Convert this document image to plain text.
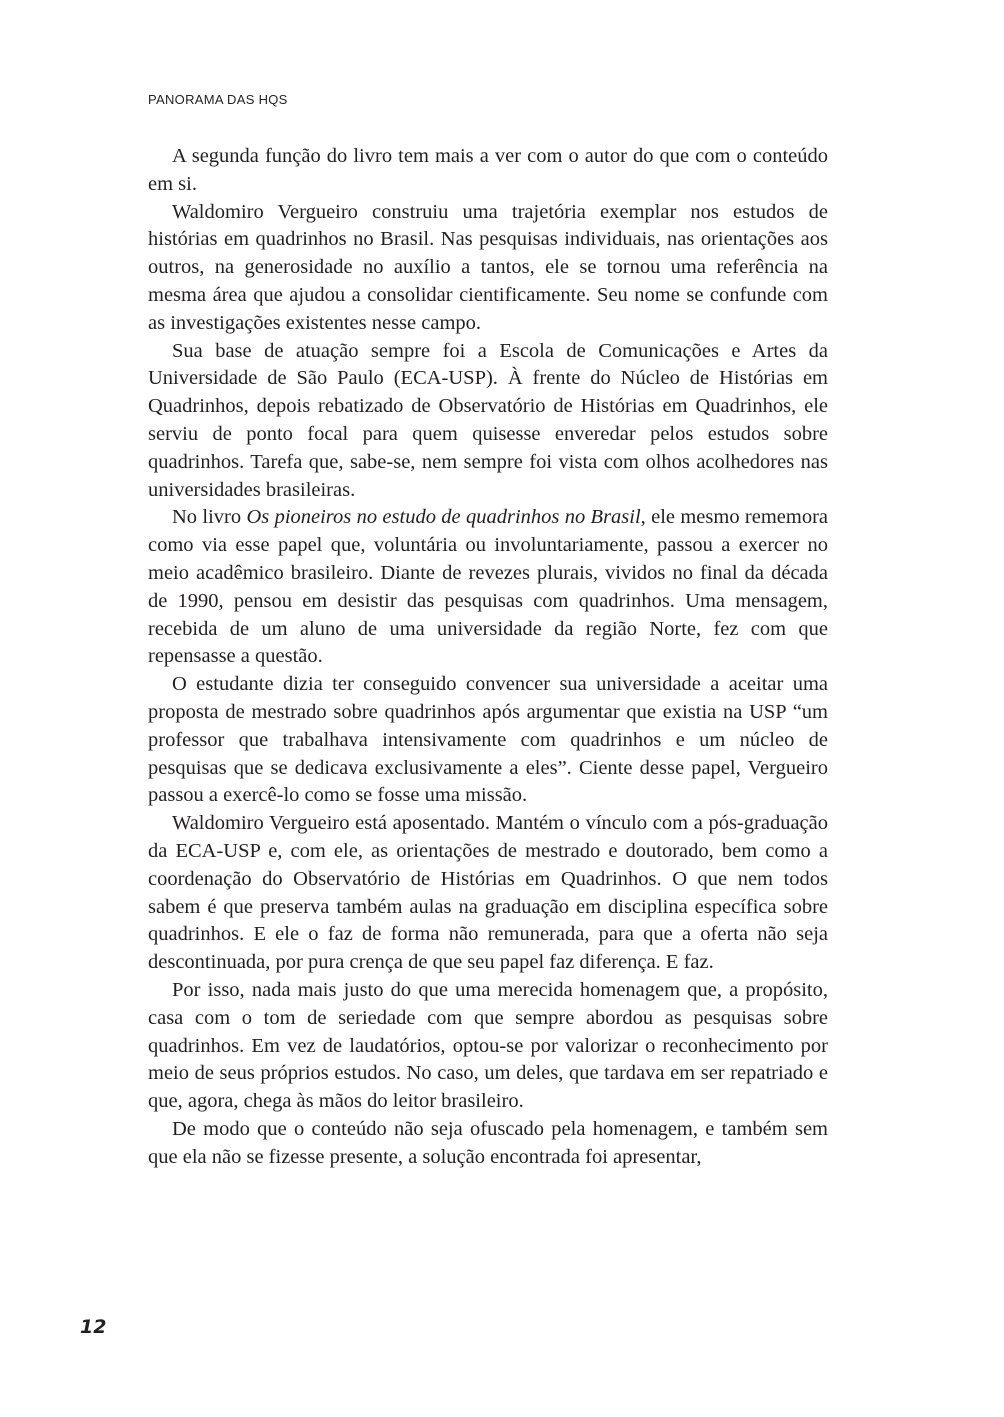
PANORAMA DAS HQS

A segunda função do livro tem mais a ver com o autor do que com o conteúdo em si.

Waldomiro Vergueiro construiu uma trajetória exemplar nos estudos de histórias em quadrinhos no Brasil. Nas pesquisas individuais, nas orientações aos outros, na generosidade no auxílio a tantos, ele se tornou uma referência na mesma área que ajudou a consolidar cientificamente. Seu nome se confunde com as investigações existentes nesse campo.

Sua base de atuação sempre foi a Escola de Comunicações e Artes da Universidade de São Paulo (ECA-USP). À frente do Núcleo de Histórias em Quadrinhos, depois rebatizado de Observatório de Histórias em Quadrinhos, ele serviu de ponto focal para quem quisesse enveredar pelos estudos sobre quadrinhos. Tarefa que, sabe-se, nem sempre foi vista com olhos acolhedores nas universidades brasileiras.

No livro Os pioneiros no estudo de quadrinhos no Brasil, ele mesmo rememora como via esse papel que, voluntária ou involuntariamente, passou a exercer no meio acadêmico brasileiro. Diante de revezes plurais, vividos no final da década de 1990, pensou em desistir das pesquisas com quadrinhos. Uma mensagem, recebida de um aluno de uma universidade da região Norte, fez com que repensasse a questão.

O estudante dizia ter conseguido convencer sua universidade a aceitar uma proposta de mestrado sobre quadrinhos após argumentar que existia na USP “um professor que trabalhava intensivamente com quadrinhos e um núcleo de pesquisas que se dedicava exclusivamente a eles”. Ciente desse papel, Vergueiro passou a exercê-lo como se fosse uma missão.

Waldomiro Vergueiro está aposentado. Mantém o vínculo com a pós-graduação da ECA-USP e, com ele, as orientações de mestrado e doutorado, bem como a coordenação do Observatório de Histórias em Quadrinhos. O que nem todos sabem é que preserva também aulas na graduação em disciplina específica sobre quadrinhos. E ele o faz de forma não remunerada, para que a oferta não seja descontinuada, por pura crença de que seu papel faz diferença. E faz.

Por isso, nada mais justo do que uma merecida homenagem que, a propósito, casa com o tom de seriedade com que sempre abordou as pesquisas sobre quadrinhos. Em vez de laudatórios, optou-se por valorizar o reconhecimento por meio de seus próprios estudos. No caso, um deles, que tardava em ser repatriado e que, agora, chega às mãos do leitor brasileiro.

De modo que o conteúdo não seja ofuscado pela homenagem, e também sem que ela não se fizesse presente, a solução encontrada foi apresentar,

12
